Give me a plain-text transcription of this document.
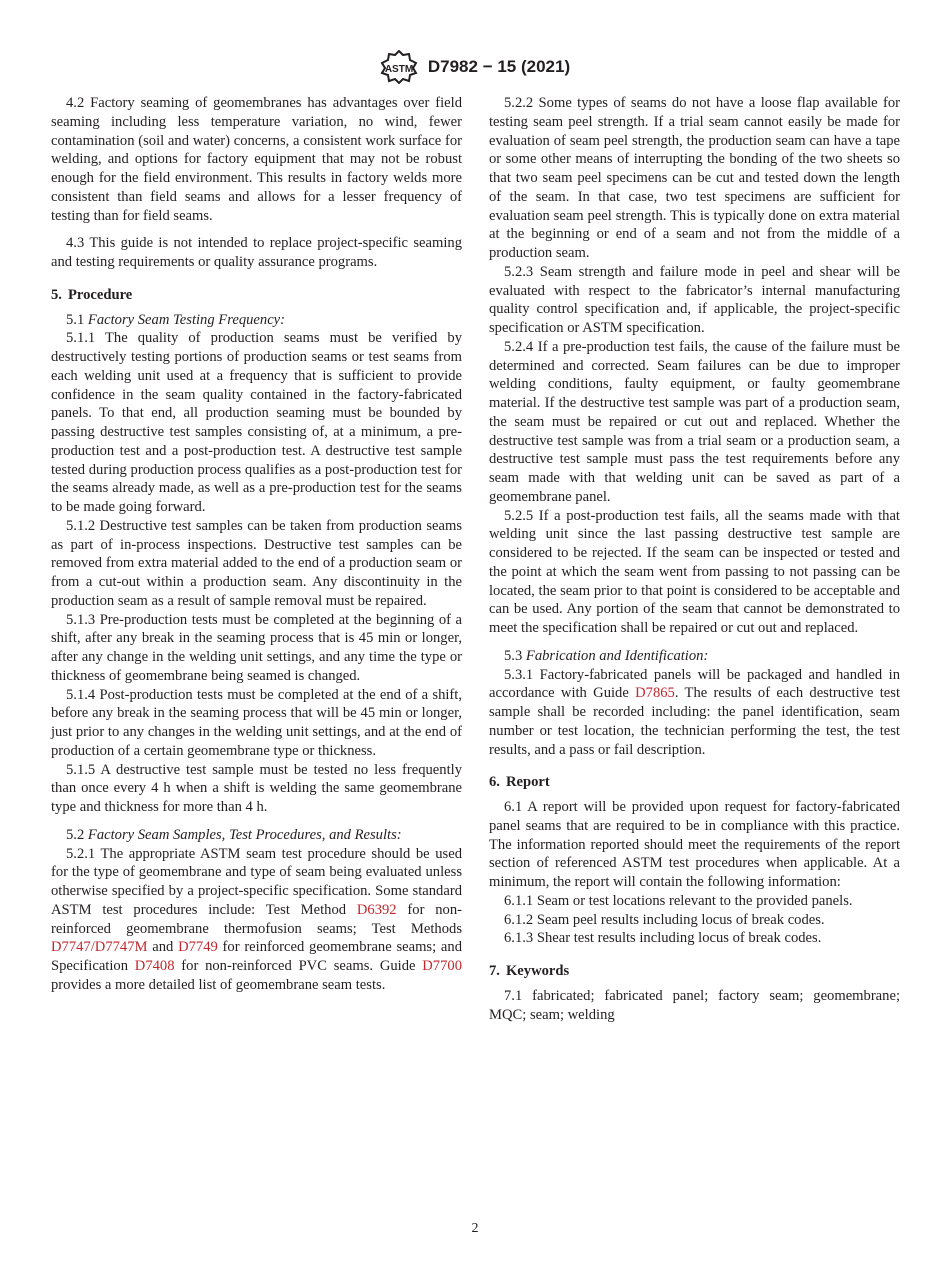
ASTM D7982 − 15 (2021)

4.2 Factory seaming of geomembranes has advantages over field seaming including less temperature variation, no wind, fewer contamination (soil and water) concerns, a consistent work surface for welding, and options for factory equipment that may not be robust enough for the field environment. This results in factory welds more consistent than field seams and allows for a lesser frequency of testing than for field seams.

4.3 This guide is not intended to replace project-specific seaming and testing requirements or quality assurance programs.

5. Procedure

5.1 Factory Seam Testing Frequency:

5.1.1 The quality of production seams must be verified by destructively testing portions of production seams or test seams from each welding unit used at a frequency that is sufficient to provide confidence in the seam quality contained in the factory-fabricated panels. To that end, all production seaming must be bounded by passing destructive test samples consisting of, at a minimum, a pre-production test and a post-production test. A destructive test sample tested during production process qualifies as a post-production test for the seams already made, as well as a pre-production test for the seams to be made going forward.

5.1.2 Destructive test samples can be taken from production seams as part of in-process inspections. Destructive test samples can be removed from extra material added to the end of a production seam or from a cut-out within a production seam. Any discontinuity in the production seam as a result of sample removal must be repaired.

5.1.3 Pre-production tests must be completed at the beginning of a shift, after any break in the seaming process that is 45 min or longer, after any change in the welding unit settings, and any time the type or thickness of geomembrane being seamed is changed.

5.1.4 Post-production tests must be completed at the end of a shift, before any break in the seaming process that will be 45 min or longer, just prior to any changes in the welding unit settings, and at the end of production of a certain geomembrane type or thickness.

5.1.5 A destructive test sample must be tested no less frequently than once every 4 h when a shift is welding the same geomembrane type and thickness for more than 4 h.

5.2 Factory Seam Samples, Test Procedures, and Results:

5.2.1 The appropriate ASTM seam test procedure should be used for the type of geomembrane and type of seam being evaluated unless otherwise specified by a project-specific specification. Some standard ASTM test procedures include: Test Method D6392 for non-reinforced geomembrane thermofusion seams; Test Methods D7747/D7747M and D7749 for reinforced geomembrane seams; and Specification D7408 for non-reinforced PVC seams. Guide D7700 provides a more detailed list of geomembrane seam tests.

5.2.2 Some types of seams do not have a loose flap available for testing seam peel strength. If a trial seam cannot easily be made for evaluation of seam peel strength, the production seam can have a tape or some other means of interrupting the bonding of the two sheets so that two seam peel specimens can be cut and tested down the length of the seam. In that case, two test specimens are sufficient for evaluation seam peel strength. This is typically done on extra material at the beginning or end of a seam and not from the middle of a production seam.

5.2.3 Seam strength and failure mode in peel and shear will be evaluated with respect to the fabricator’s internal manufacturing quality control specification and, if applicable, the project-specific specification or ASTM specification.

5.2.4 If a pre-production test fails, the cause of the failure must be determined and corrected. Seam failures can be due to improper welding conditions, faulty equipment, or faulty geomembrane material. If the destructive test sample was part of a production seam, the seam must be repaired or cut out and replaced. Whether the destructive test sample was from a trial seam or a production seam, a destructive test sample must pass the test requirements before any seam made with that welding unit can be saved as part of a geomembrane panel.

5.2.5 If a post-production test fails, all the seams made with that welding unit since the last passing destructive test sample are considered to be rejected. If the seam can be inspected or tested and the point at which the seam went from passing to not passing can be located, the seam prior to that point is considered to be acceptable and can be used. Any portion of the seam that cannot be demonstrated to meet the specification shall be repaired or cut out and replaced.

5.3 Fabrication and Identification:

5.3.1 Factory-fabricated panels will be packaged and handled in accordance with Guide D7865. The results of each destructive test sample shall be recorded including: the panel identification, seam number or test location, the technician performing the test, the test results, and a pass or fail description.

6. Report

6.1 A report will be provided upon request for factory-fabricated panel seams that are required to be in compliance with this practice. The information reported should meet the requirements of the report section of referenced ASTM test procedures when applicable. At a minimum, the report will contain the following information:

6.1.1 Seam or test locations relevant to the provided panels.

6.1.2 Seam peel results including locus of break codes.

6.1.3 Shear test results including locus of break codes.

7. Keywords

7.1 fabricated; fabricated panel; factory seam; geomembrane; MQC; seam; welding

2
